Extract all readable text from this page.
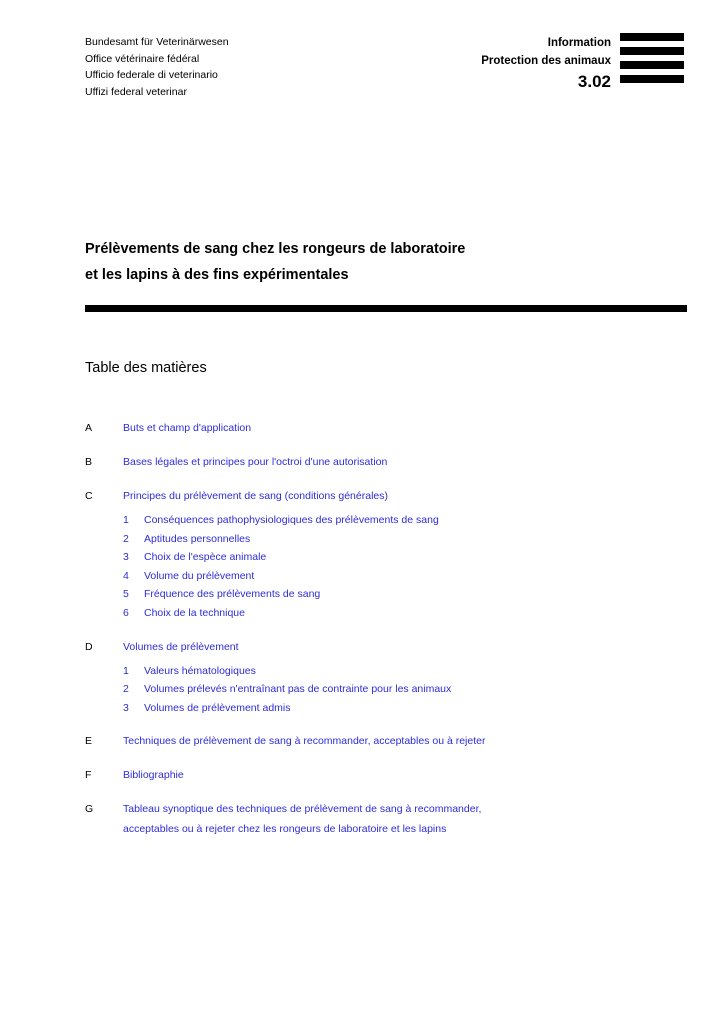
Bundesamt für Veterinärwesen
Office vétérinaire fédéral
Ufficio federale di veterinario
Uffizi federal veterinar
Information
Protection des animaux
3.02
Prélèvements de sang chez les rongeurs de laboratoire
et les lapins à des fins expérimentales
Table des matières
A	Buts et champ d'application
B	Bases légales et principes pour l'octroi d'une autorisation
C	Principes du prélèvement de sang (conditions générales)
1	Conséquences pathophysiologiques des prélèvements de sang
2	Aptitudes personnelles
3	Choix de l'espèce animale
4	Volume du prélèvement
5	Fréquence des prélèvements de sang
6	Choix de la technique
D	Volumes de prélèvement
1	Valeurs hématologiques
2	Volumes prélevés n'entraînant pas de contrainte pour les animaux
3	Volumes de prélèvement admis
E	Techniques de prélèvement de sang à recommander, acceptables ou à rejeter
F	Bibliographie
G	Tableau synoptique des techniques de prélèvement de sang à recommander,
acceptables ou à rejeter chez les rongeurs de laboratoire et les lapins
